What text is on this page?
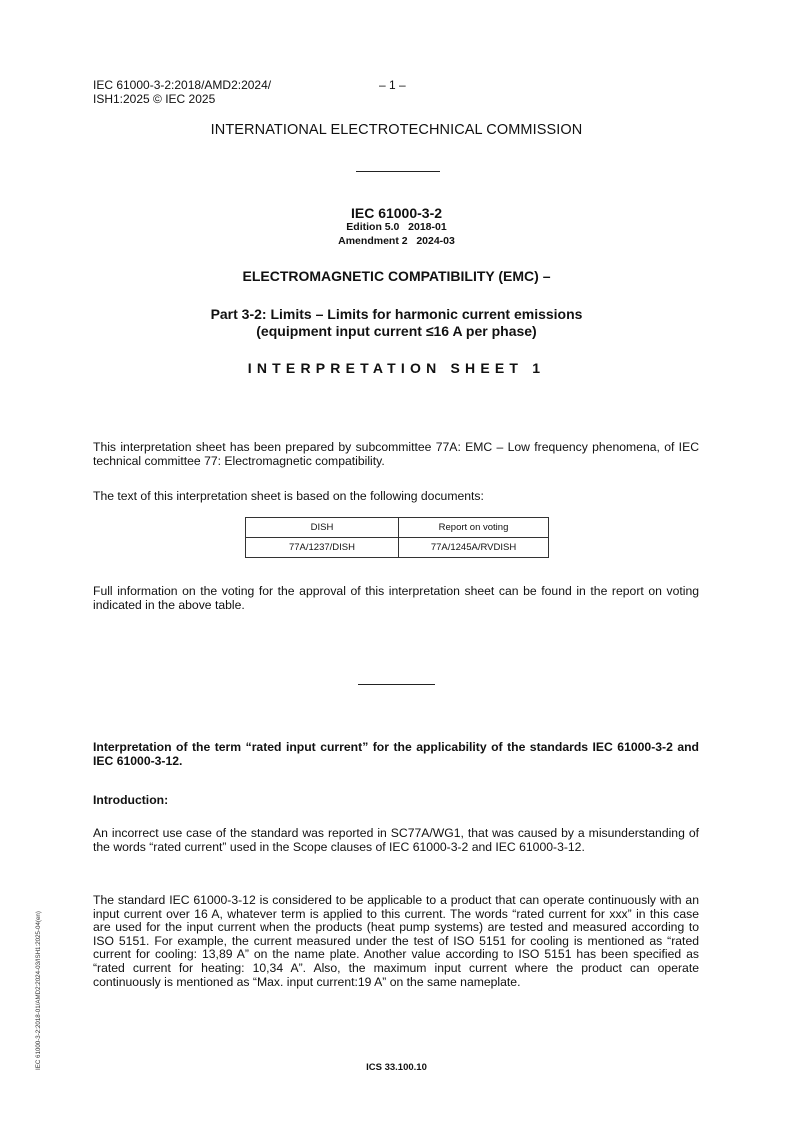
IEC 61000-3-2:2018/AMD2:2024/
ISH1:2025 © IEC 2025
– 1 –
INTERNATIONAL ELECTROTECHNICAL COMMISSION
IEC 61000-3-2
Edition 5.0   2018-01
Amendment 2   2024-03
ELECTROMAGNETIC COMPATIBILITY (EMC) –
Part 3-2: Limits – Limits for harmonic current emissions
(equipment input current ≤16 A per phase)
INTERPRETATION SHEET 1
This interpretation sheet has been prepared by subcommittee 77A: EMC – Low frequency phenomena, of IEC technical committee 77: Electromagnetic compatibility.
The text of this interpretation sheet is based on the following documents:
DISH	Report on voting
77A/1237/DISH	77A/1245A/RVDISH
Full information on the voting for the approval of this interpretation sheet can be found in the report on voting indicated in the above table.
Interpretation of the term “rated input current” for the applicability of the standards IEC 61000-3-2 and IEC 61000-3-12.
Introduction:
An incorrect use case of the standard was reported in SC77A/WG1, that was caused by a misunderstanding of the words “rated current” used in the Scope clauses of IEC 61000-3-2 and IEC 61000-3-12.
The standard IEC 61000-3-12 is considered to be applicable to a product that can operate continuously with an input current over 16 A, whatever term is applied to this current. The words “rated current for xxx” in this case are used for the input current when the products (heat pump systems) are tested and measured according to ISO 5151. For example, the current measured under the test of ISO 5151 for cooling is mentioned as “rated current for cooling: 13,89 A” on the name plate. Another value according to ISO 5151 has been specified as “rated current for heating: 10,34 A”. Also, the maximum input current where the product can operate continuously is mentioned as “Max. input current:19 A” on the same nameplate.
IEC 61000-3-2:2018-01/AMD2:2024-03/ISH1:2025-04(en)	ICS 33.100.10
